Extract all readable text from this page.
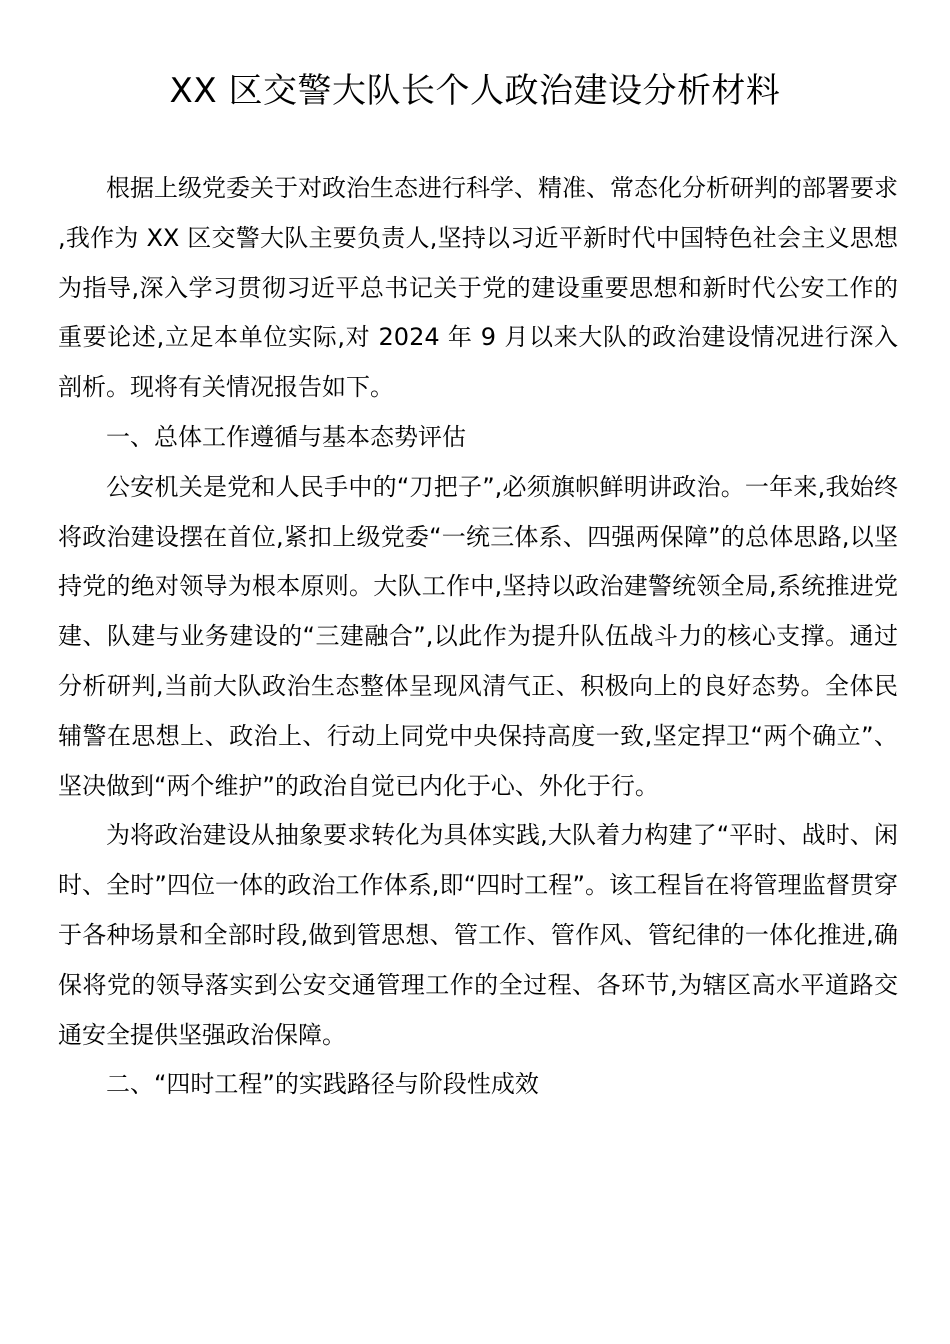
XX 区交警大队长个人政治建设分析材料

根据上级党委关于对政治生态进行科学、精准、常态化分析研判的部署要求,我作为 XX 区交警大队主要负责人,坚持以习近平新时代中国特色社会主义思想为指导,深入学习贯彻习近平总书记关于党的建设重要思想和新时代公安工作的重要论述,立足本单位实际,对 2024 年 9 月以来大队的政治建设情况进行深入剖析。现将有关情况报告如下。

一、总体工作遵循与基本态势评估

公安机关是党和人民手中的“刀把子”,必须旗帜鲜明讲政治。一年来,我始终将政治建设摆在首位,紧扣上级党委“一统三体系、四强两保障”的总体思路,以坚持党的绝对领导为根本原则。大队工作中,坚持以政治建警统领全局,系统推进党建、队建与业务建设的“三建融合”,以此作为提升队伍战斗力的核心支撑。通过分析研判,当前大队政治生态整体呈现风清气正、积极向上的良好态势。全体民辅警在思想上、政治上、行动上同党中央保持高度一致,坚定捍卫“两个确立”、坚决做到“两个维护”的政治自觉已内化于心、外化于行。

为将政治建设从抽象要求转化为具体实践,大队着力构建了“平时、战时、闲时、全时”四位一体的政治工作体系,即“四时工程”。该工程旨在将管理监督贯穿于各种场景和全部时段,做到管思想、管工作、管作风、管纪律的一体化推进,确保将党的领导落实到公安交通管理工作的全过程、各环节,为辖区高水平道路交通安全提供坚强政治保障。

二、“四时工程”的实践路径与阶段性成效
